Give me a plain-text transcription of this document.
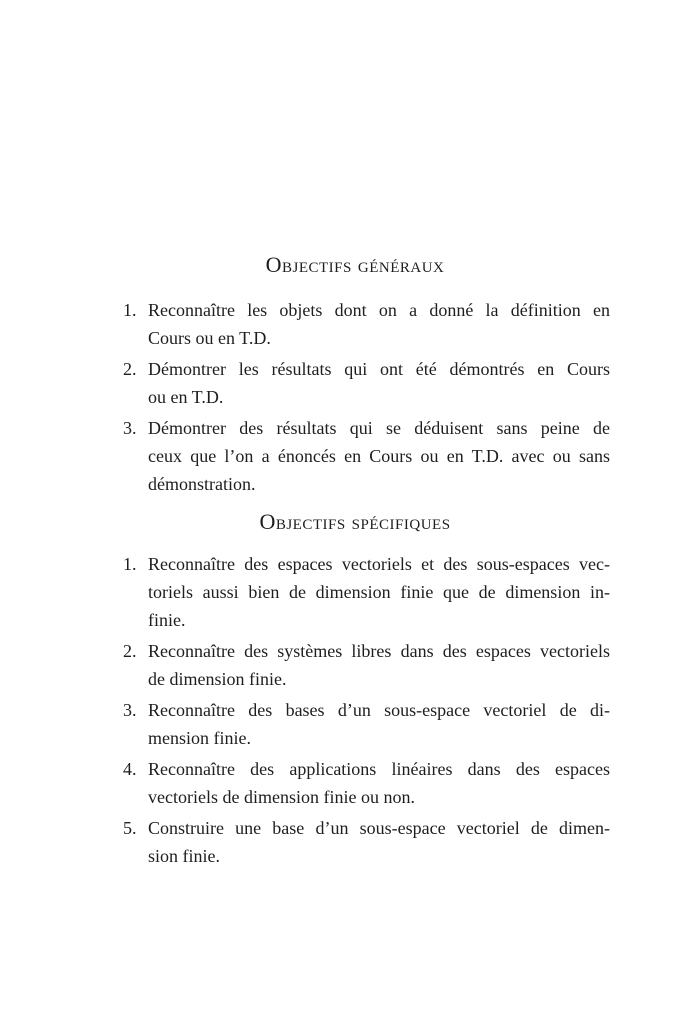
Objectifs généraux
1. Reconnaître les objets dont on a donné la définition en
Cours ou en T.D.
2. Démontrer les résultats qui ont été démontrés en Cours
ou en T.D.
3. Démontrer des résultats qui se déduisent sans peine de
ceux que l’on a énoncés en Cours ou en T.D. avec ou sans
démonstration.
Objectifs spécifiques
1. Reconnaître des espaces vectoriels et des sous-espaces vec-
toriels aussi bien de dimension finie que de dimension in-
finie.
2. Reconnaître des systèmes libres dans des espaces vectoriels
de dimension finie.
3. Reconnaître des bases d’un sous-espace vectoriel de di-
mension finie.
4. Reconnaître des applications linéaires dans des espaces
vectoriels de dimension finie ou non.
5. Construire une base d’un sous-espace vectoriel de dimen-
sion finie.
